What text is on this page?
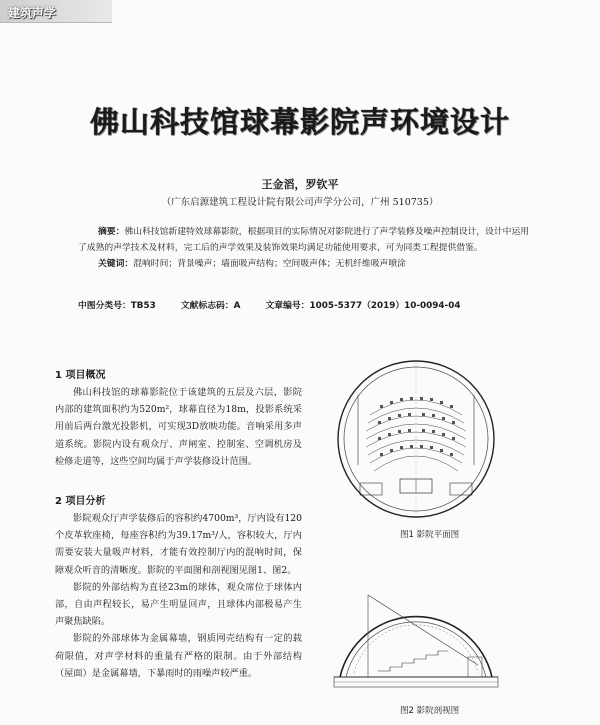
建筑声学
佛山科技馆球幕影院声环境设计
王金滔，罗钦平
（广东启源建筑工程设计院有限公司声学分公司，广州 510735）
摘要：佛山科技馆新建特效球幕影院，根据项目的实际情况对影院进行了声学装修及噪声控制设计，设计中运用了成熟的声学技术及材料，完工后的声学效果及装饰效果均满足功能使用要求，可为同类工程提供借鉴。
关键词：混响时间；背景噪声；墙面吸声结构；空间吸声体；无机纤维吸声喷涂
中图分类号：TB53	文献标志码：A	文章编号：1005-5377（2019）10-0094-04
1 项目概况

佛山科技馆的球幕影院位于该建筑的五层及六层，影院内部的建筑面积约为520m²，球幕直径为18m，投影系统采用前后两台激光投影机，可实现3D放映功能。音响采用多声道系统。影院内设有观众厅、声闸室、控制室、空调机房及检修走道等，这些空间均属于声学装修设计范围。

2 项目分析

影院观众厅声学装修后的容积约4700m³，厅内设有120个皮革软座椅，每座容积约为39.17m³/人，容积较大，厅内需要安装大量吸声材料，才能有效控制厅内的混响时间，保障观众听音的清晰度。影院的平面图和剖视图见图1、图2。

影院的外部结构为直径23m的球体，观众席位于球体内部，自由声程较长，易产生明显回声，且球体内部极易产生声聚焦缺陷。

影院的外部球体为金属幕墙，钢质网壳结构有一定的载荷限值，对声学材料的重量有严格的限制。由于外部结构（屋面）是金属幕墙，下暴雨时的雨噪声较严重。

图1 影院平面图
图2 影院剖视图
